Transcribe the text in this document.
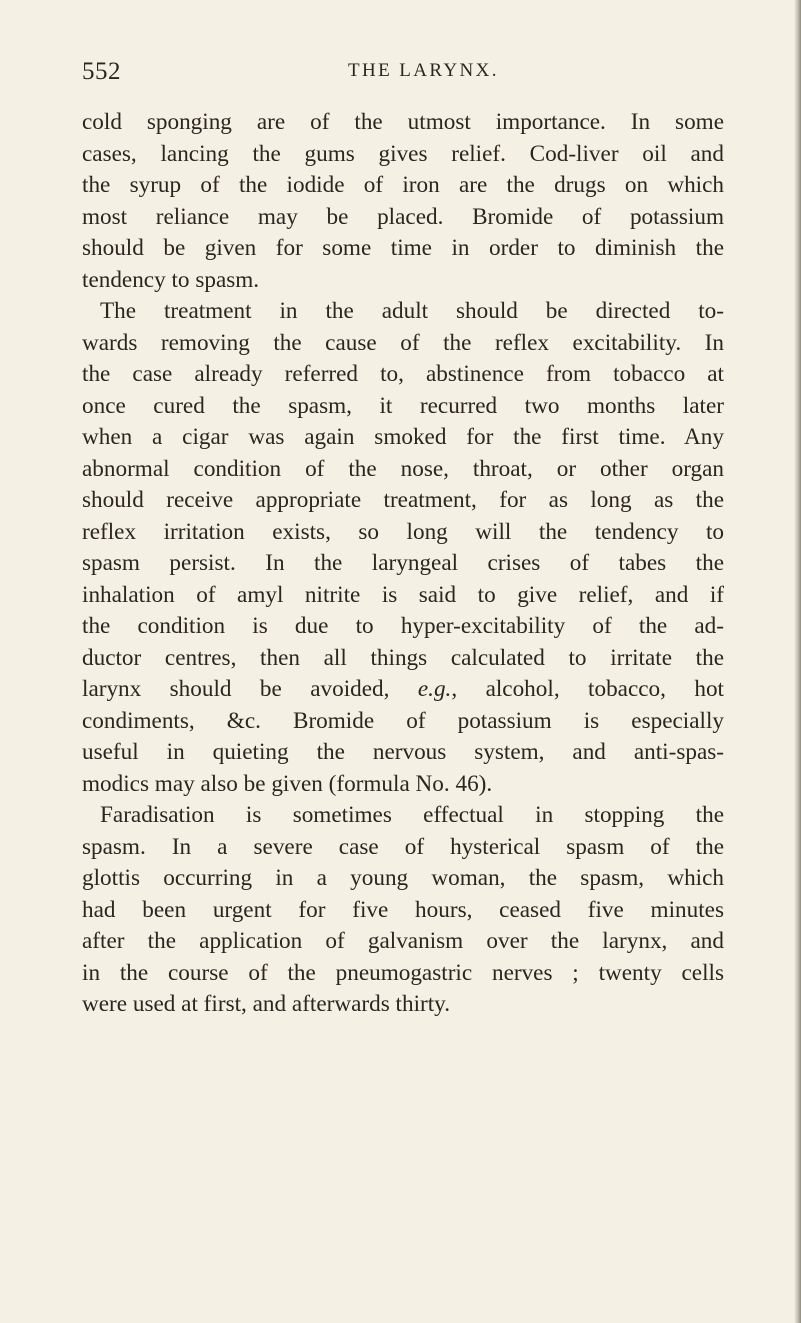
552	THE LARYNX.
cold sponging are of the utmost importance. In some
cases, lancing the gums gives relief. Cod-liver oil and
the syrup of the iodide of iron are the drugs on which
most reliance may be placed. Bromide of potassium
should be given for some time in order to diminish the
tendency to spasm.
The treatment in the adult should be directed to-
wards removing the cause of the reflex excitability. In
the case already referred to, abstinence from tobacco at
once cured the spasm, it recurred two months later
when a cigar was again smoked for the first time. Any
abnormal condition of the nose, throat, or other organ
should receive appropriate treatment, for as long as the
reflex irritation exists, so long will the tendency to
spasm persist. In the laryngeal crises of tabes the
inhalation of amyl nitrite is said to give relief, and if
the condition is due to hyper-excitability of the ad-
ductor centres, then all things calculated to irritate the
larynx should be avoided, e.g., alcohol, tobacco, hot
condiments, &c. Bromide of potassium is especially
useful in quieting the nervous system, and anti-spas-
modics may also be given (formula No. 46).
Faradisation is sometimes effectual in stopping the
spasm. In a severe case of hysterical spasm of the
glottis occurring in a young woman, the spasm, which
had been urgent for five hours, ceased five minutes
after the application of galvanism over the larynx, and
in the course of the pneumogastric nerves ; twenty cells
were used at first, and afterwards thirty.
